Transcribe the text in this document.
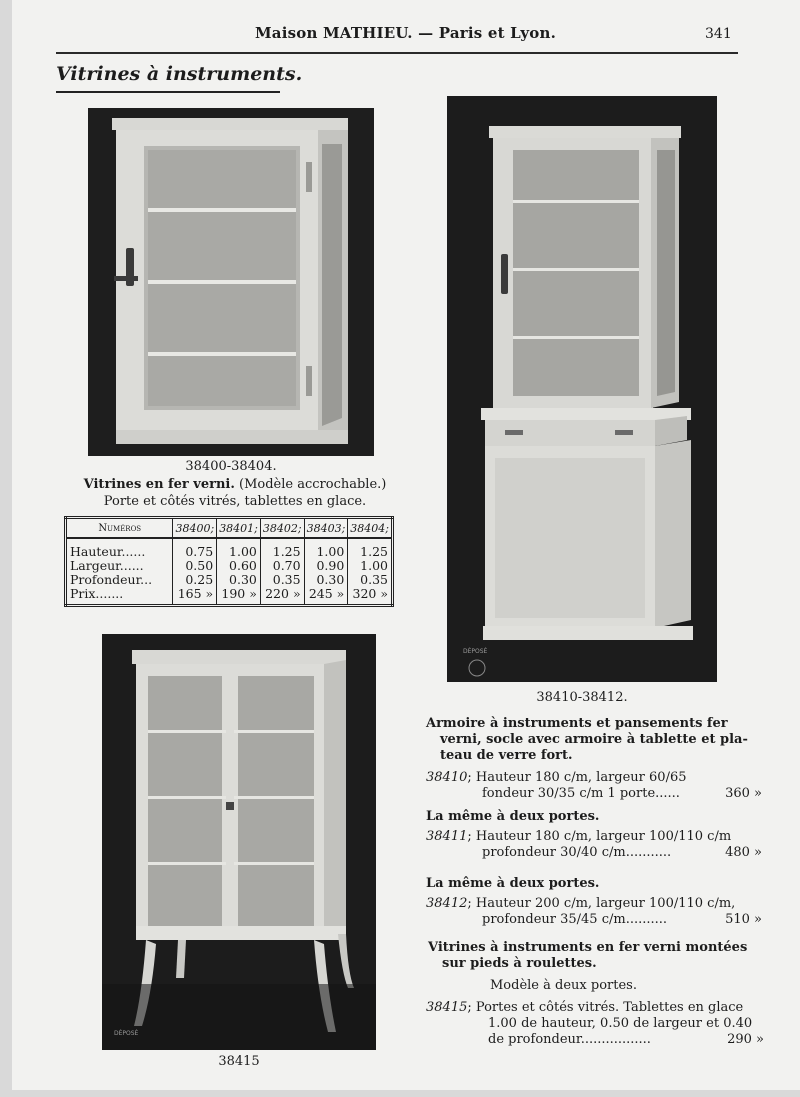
Maison MATHIEU. — Paris et Lyon.	341
Vitrines à instruments.
38400-38404.
Vitrines en fer verni. (Modèle accrochable.)
Porte et côtés vitrés, tablettes en glace.
Numéros	38400;	38401;	38402;	38403;	38404;
Hauteur......	0.75	1.00	1.25	1.00	1.25
Largeur......	0.50	0.60	0.70	0.90	1.00
Profondeur...	0.25	0.30	0.35	0.30	0.35
Prix.......	165 »	190 »	220 »	245 »	320 »
DÉPOSÉ
DÉPOSÉ
38415
38410-38412.
Armoire à instruments et pansements fer
verni, socle avec armoire à tablette et pla-
teau de verre fort.
38410; Hauteur 180 c/m, largeur 60/65
fondeur 30/35 c/m 1 porte......	360 »
La même à deux portes.
38411; Hauteur 180 c/m, largeur 100/110 c/m
profondeur 30/40 c/m...........	480 »
La même à deux portes.
38412; Hauteur 200 c/m, largeur 100/110 c/m,
profondeur 35/45 c/m..........	510 »
Vitrines à instruments en fer verni montées
sur pieds à roulettes.
Modèle à deux portes.
38415; Portes et côtés vitrés. Tablettes en glace
1.00 de hauteur, 0.50 de largeur et 0.40
de profondeur.................	290 »
